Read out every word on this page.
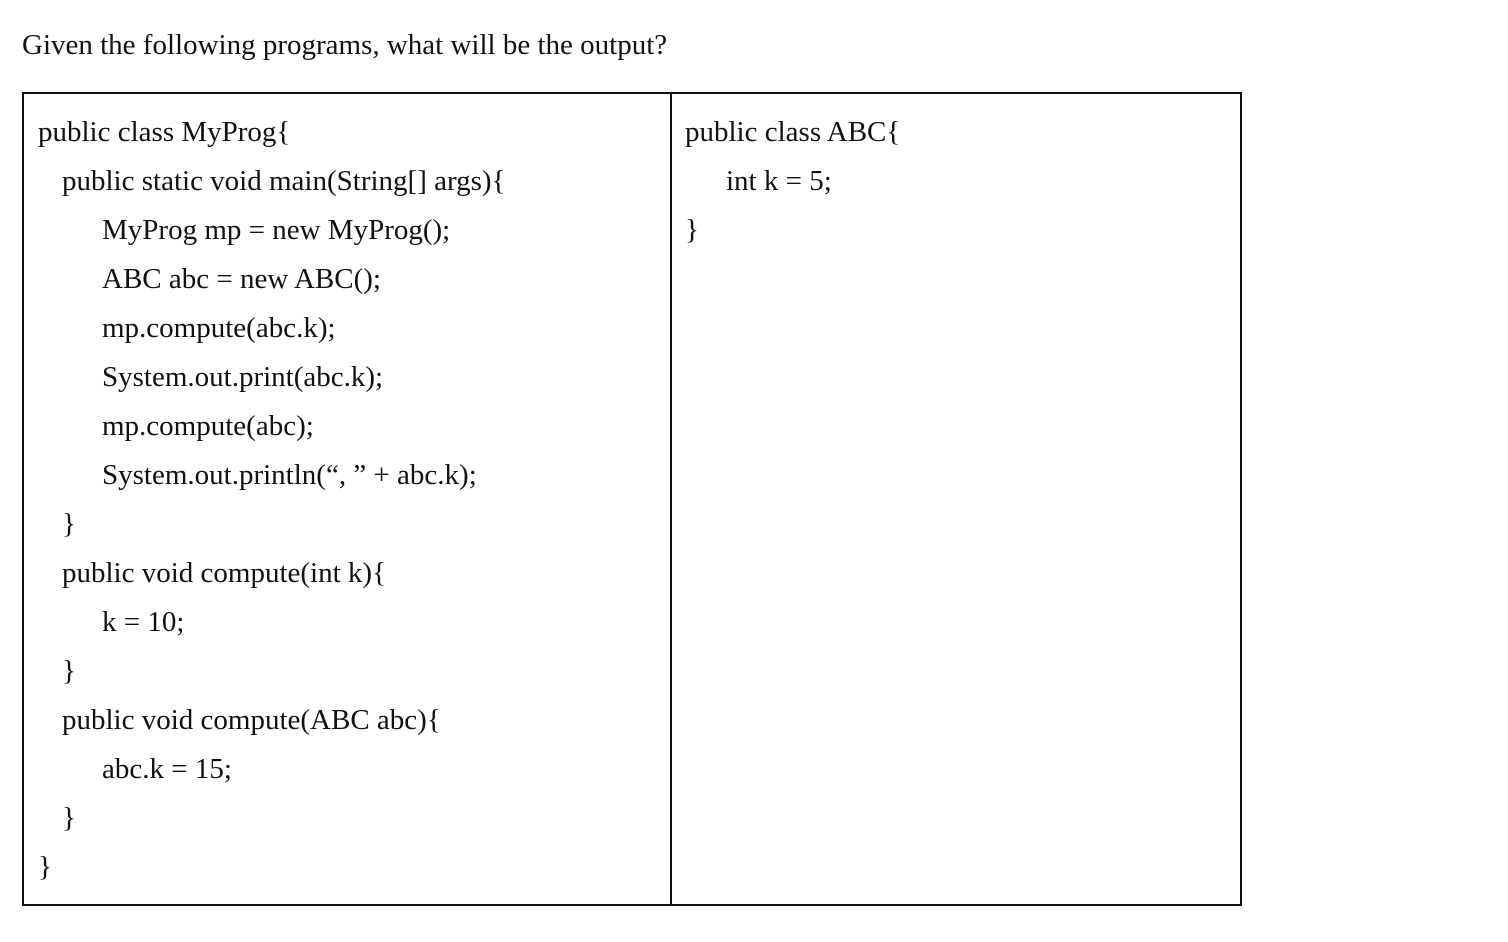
Given the following programs, what will be the output?
public class MyProg{
public static void main(String[] args){
MyProg mp = new MyProg();
ABC abc = new ABC();
mp.compute(abc.k);
System.out.print(abc.k);
mp.compute(abc);
System.out.println(“, ” + abc.k);
}
public void compute(int k){
k = 10;
}
public void compute(ABC abc){
abc.k = 15;
}
}
public class ABC{
int k = 5;
}
